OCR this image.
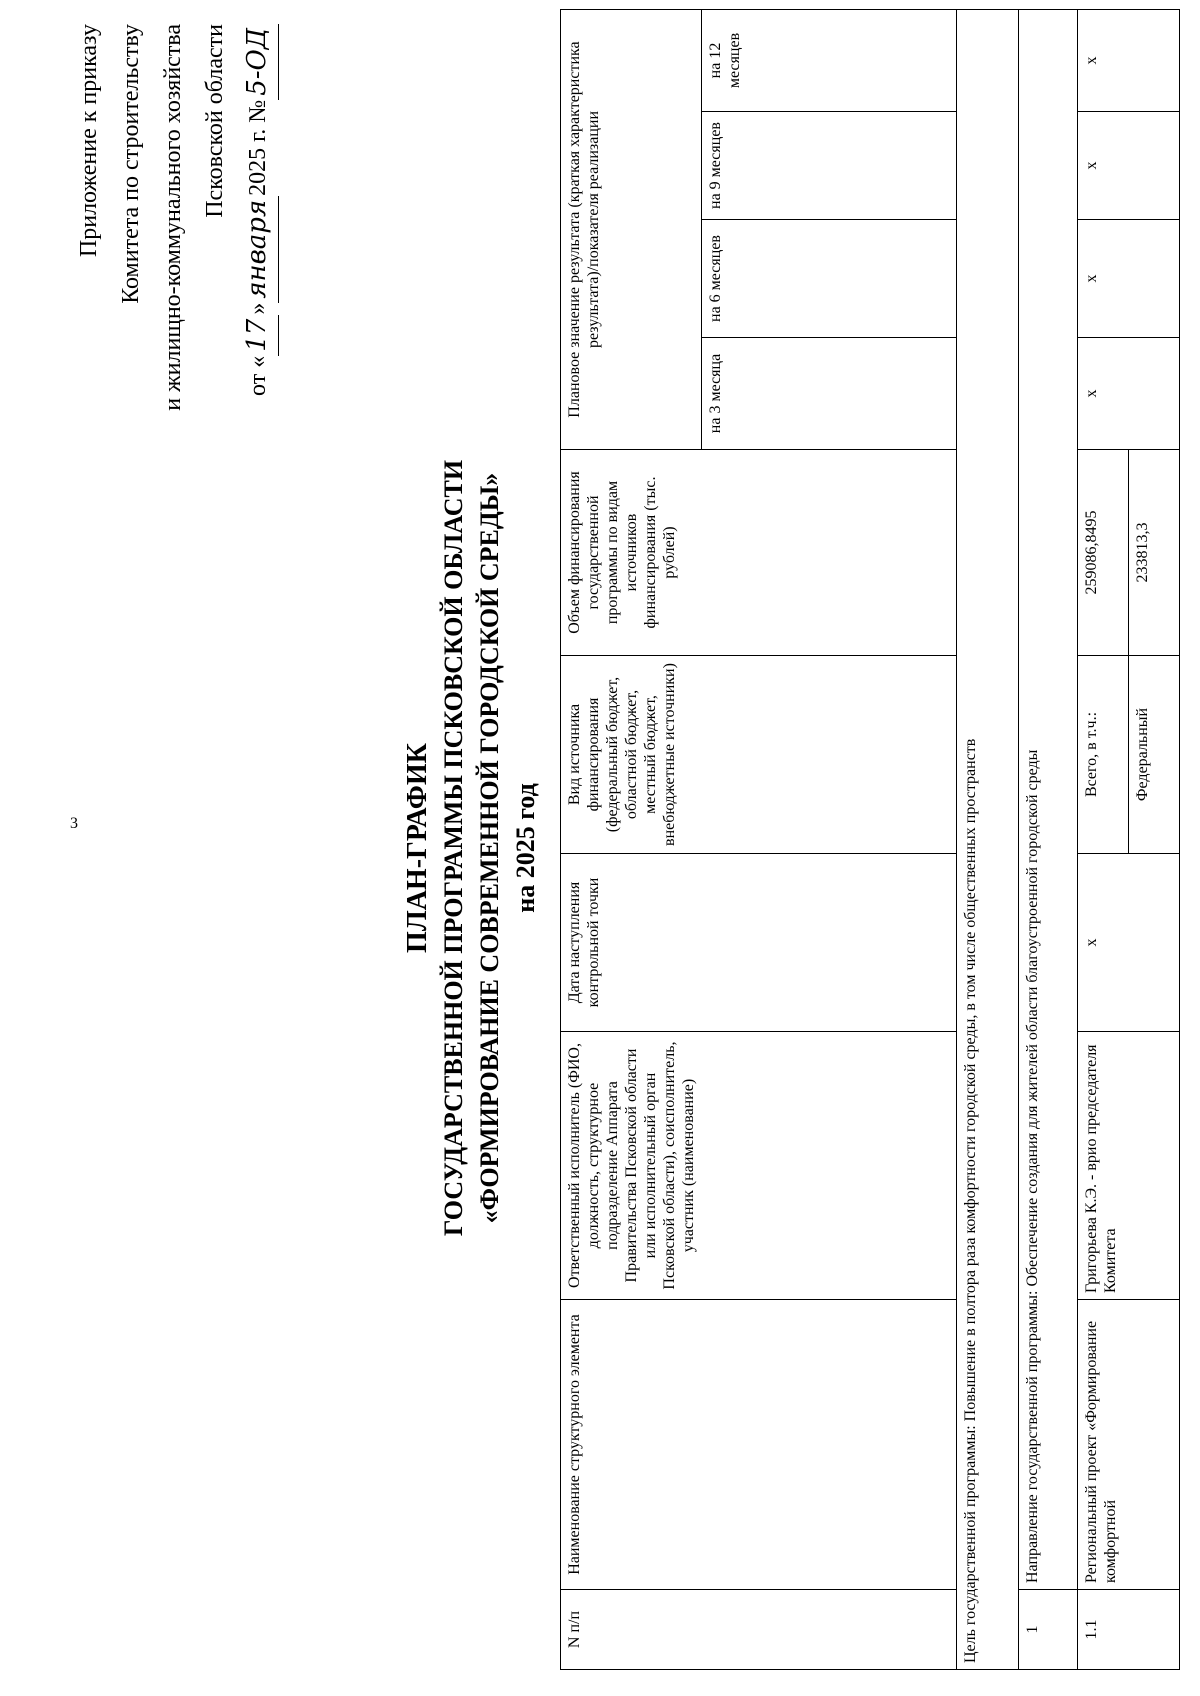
3
Приложение к приказу Комитета по строительству и жилищно-коммунального хозяйства Псковской области
от «17»января2025 г. №5-ОД
ПЛАН-ГРАФИК ГОСУДАРСТВЕННОЙ ПРОГРАММЫ ПСКОВСКОЙ ОБЛАСТИ «ФОРМИРОВАНИЕ СОВРЕМЕННОЙ ГОРОДСКОЙ СРЕДЫ» на 2025 год
N п/п	Наименование структурного элемента	Ответственный исполнитель (ФИО, должность, структурное подразделение Аппарата Правительства Псковской области или исполнительный орган Псковской области), соисполнитель, участник (наименование)	Дата наступления контрольной точки	Вид источника финансирования (федеральный бюджет, областной бюджет, местный бюджет, внебюджетные источники)	Объем финансирования государственной программы по видам источников финансирования (тыс. рублей)	Плановое значение результата (краткая характеристика результата)/показателя реализации			
						на 3 месяца	на 6 месяцев	на 9 месяцев	на 12 месяцев
Цель государственной программы: Повышение в полтора раза комфортности городской среды, в том числе общественных пространств									
1	Направление государственной программы: Обеспечение создания для жителей области благоустроенной городской среды								
1.1	Региональный проект «Формирование комфортной	Григорьева К.Э. - врио председателя Комитета	x	Всего, в т.ч.:	259086,8495	x	x	x	x
				Федеральный	233813,3				
